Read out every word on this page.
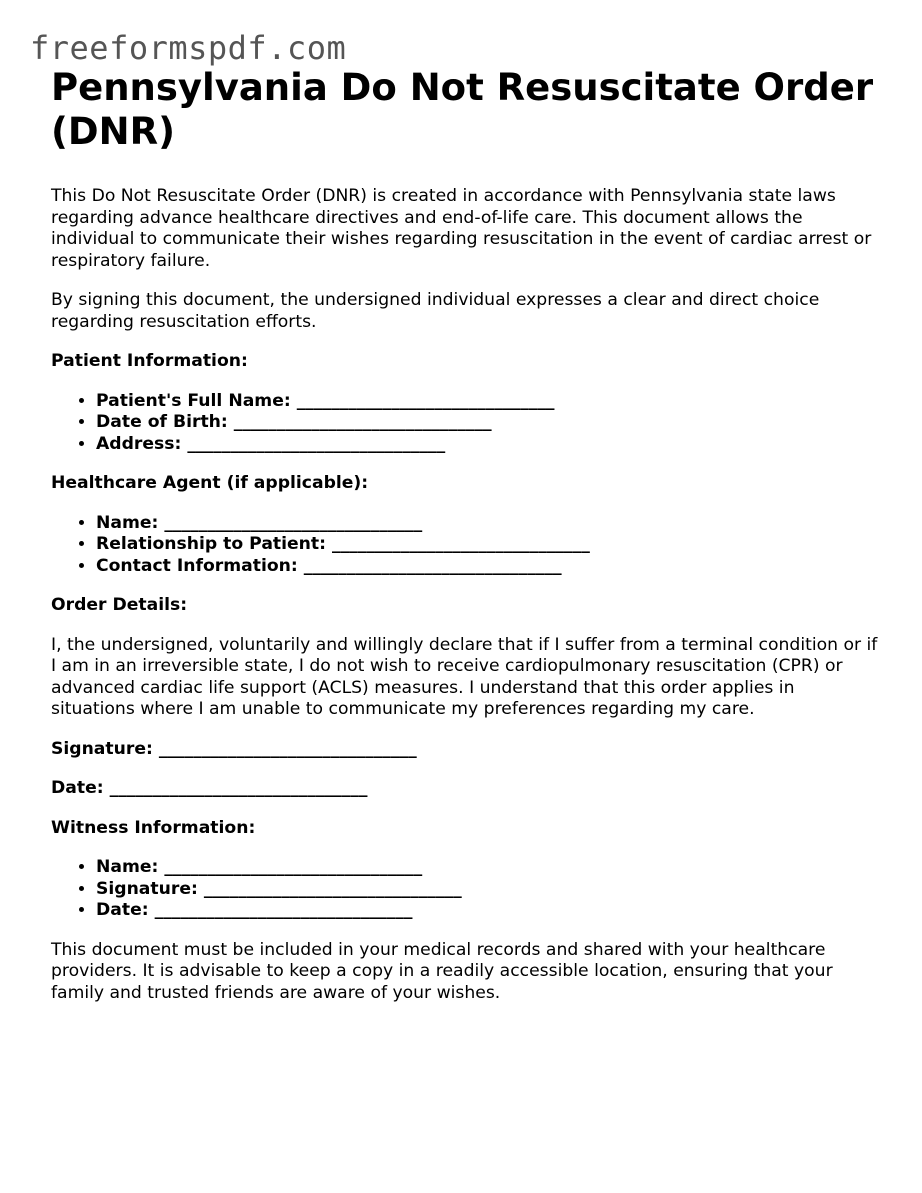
freeformspdf.com
Pennsylvania Do Not Resuscitate Order (DNR)

This Do Not Resuscitate Order (DNR) is created in accordance with Pennsylvania state laws regarding advance healthcare directives and end-of-life care. This document allows the individual to communicate their wishes regarding resuscitation in the event of cardiac arrest or respiratory failure.

By signing this document, the undersigned individual expresses a clear and direct choice regarding resuscitation efforts.

Patient Information:

• Patient's Full Name: ______________________________
• Date of Birth: ______________________________
• Address: ______________________________

Healthcare Agent (if applicable):

• Name: ______________________________
• Relationship to Patient: ______________________________
• Contact Information: ______________________________

Order Details:

I, the undersigned, voluntarily and willingly declare that if I suffer from a terminal condition or if I am in an irreversible state, I do not wish to receive cardiopulmonary resuscitation (CPR) or advanced cardiac life support (ACLS) measures. I understand that this order applies in situations where I am unable to communicate my preferences regarding my care.

Signature: ______________________________

Date: ______________________________

Witness Information:

• Name: ______________________________
• Signature: ______________________________
• Date: ______________________________

This document must be included in your medical records and shared with your healthcare providers. It is advisable to keep a copy in a readily accessible location, ensuring that your family and trusted friends are aware of your wishes.
